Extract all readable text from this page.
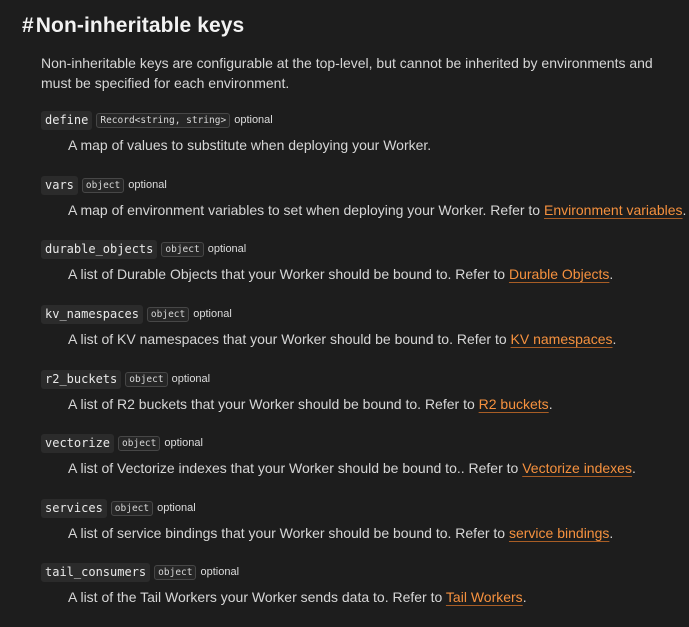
#Non-inheritable keys

Non-inheritable keys are configurable at the top-level, but cannot be inherited by environments and must be specified for each environment.

define	Record<string, string> optional

A map of values to substitute when deploying your Worker.

vars	object optional

A map of environment variables to set when deploying your Worker. Refer to Environment variables.

durable_objects	object optional

A list of Durable Objects that your Worker should be bound to. Refer to Durable Objects.

kv_namespaces	object optional

A list of KV namespaces that your Worker should be bound to. Refer to KV namespaces.

r2_buckets	object optional

A list of R2 buckets that your Worker should be bound to. Refer to R2 buckets.

vectorize	object optional

A list of Vectorize indexes that your Worker should be bound to.. Refer to Vectorize indexes.

services	object optional

A list of service bindings that your Worker should be bound to. Refer to service bindings.

tail_consumers	object optional

A list of the Tail Workers your Worker sends data to. Refer to Tail Workers.
